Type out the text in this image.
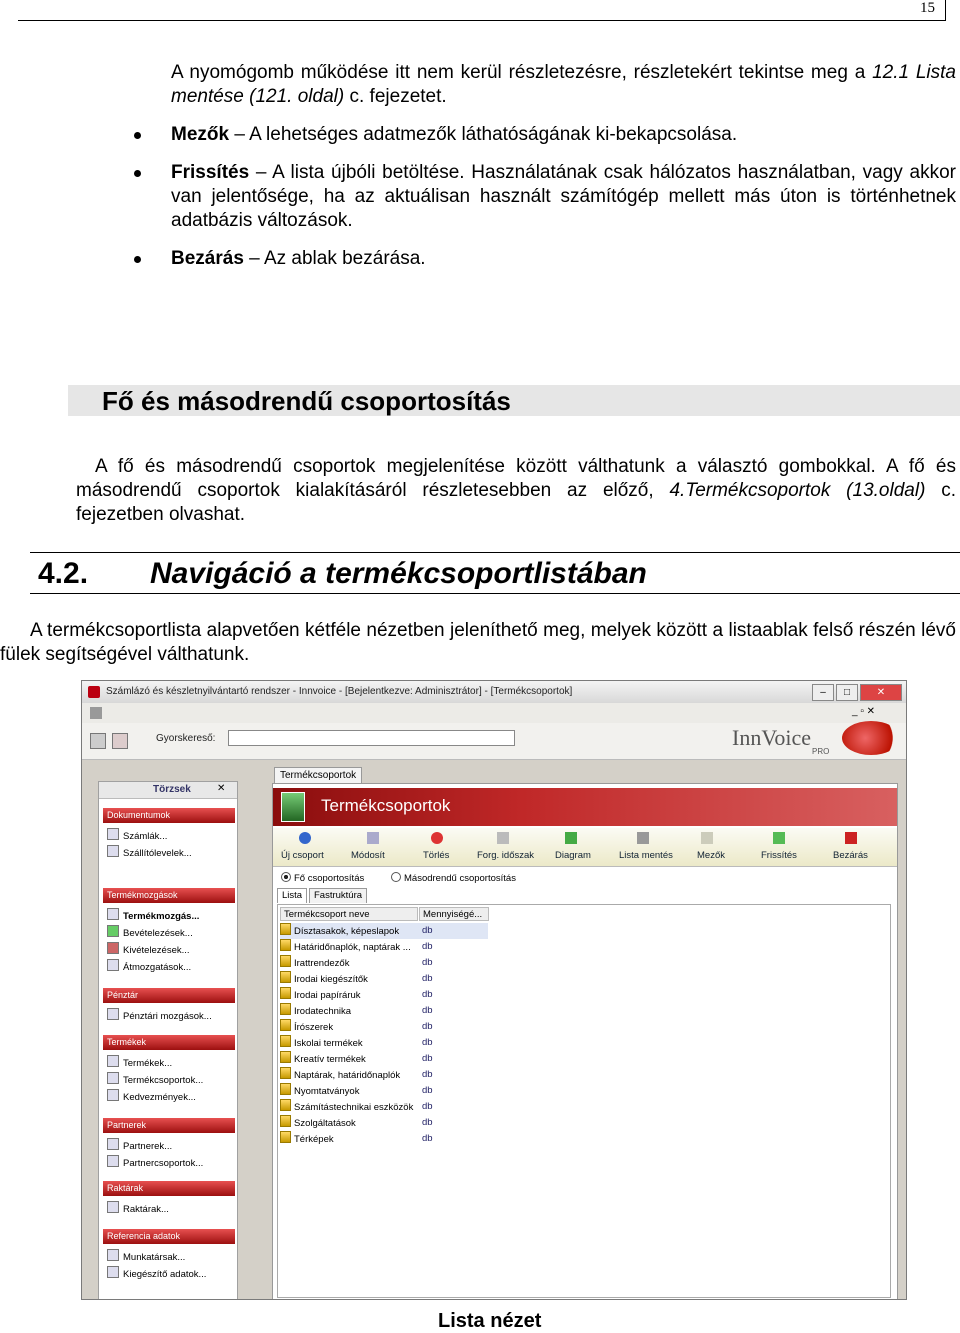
15
A nyomógomb működése itt nem kerül részletezésre, részletekért tekintse meg a 12.1 Lista mentése (121. oldal) c. fejezetet.
Mezők – A lehetséges adatmezők láthatóságának ki-bekapcsolása.
Frissítés – A lista újbóli betöltése. Használatának csak hálózatos használatban, vagy akkor van jelentősége, ha az aktuálisan használt számítógép mellett más úton is történhetnek adatbázis változások.
Bezárás – Az ablak bezárása.
Fő és másodrendű csoportosítás
A fő és másodrendű csoportok megjelenítése között válthatunk a választó gombokkal. A fő és másodrendű csoportok kialakításáról részletesebben az előző, 4.Termékcsoportok (13.oldal) c. fejezetben olvashat.
4.2. Navigáció a termékcsoportlistában
A termékcsoportlista alapvetően kétféle nézetben jeleníthető meg, melyek között a listaablak felső részén lévő fülek segítségével válthatunk.
Számlázó és készletnyilvántartó rendszer - Innvoice - [Bejelentkezve: Adminisztrátor] - [Termékcsoportok]	–	□	✕
_ ▫ ✕
Gyorskereső:	InnVoice
PRO
Törzsek	✕
Dokumentumok
Számlák...
Szállítólevelek...
Termékmozgások
Termékmozgás...
Bevételezések...
Kivételezések...
Átmozgatások...
Pénztár
Pénztári mozgások...
Termékek
Termékek...
Termékcsoportok...
Kedvezmények...
Partnerek
Partnerek...
Partnercsoportok...
Raktárak
Raktárak...
Referencia adatok
Munkatársak...
Kiegészítő adatok...
Termékcsoportok
Termékcsoportok
Új csoport	Módosít	Törlés	Forg. időszak Diagram	Lista mentés	Mezők	Frissítés	Bezárás
Fő csoportosítás	Másodrendű csoportosítás
Lista	Fastruktúra
Termékcsoport neve	Mennyiségé...
Dísztasakok, képeslapok	db
Határidőnaplók, naptárak ...	db
Irattrendezők	db
Irodai kiegészítők	db
Irodai papíráruk	db
Irodatechnika	db
Írószerek	db
Iskolai termékek	db
Kreatív termékek	db
Naptárak, határidőnaplók	db
Nyomtatványok	db
Számítástechnikai eszközök db
Szolgáltatások	db
Térképek	db
Lista nézet
